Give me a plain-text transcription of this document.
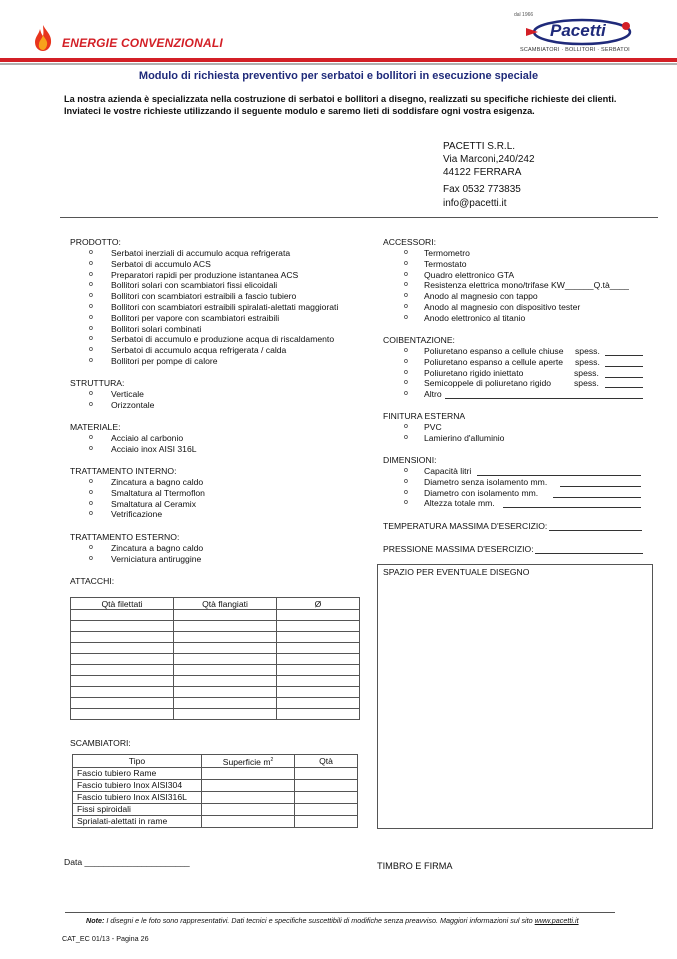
ENERGIE CONVENZIONALI
dal 1966
Pacetti
SCAMBIATORI · BOLLITORI · SERBATOI
Modulo di richiesta preventivo per serbatoi e bollitori in esecuzione speciale
La nostra azienda è specializzata nella costruzione di serbatoi e bollitori a disegno, realizzati su specifiche richieste dei clienti. Inviateci le vostre richieste utilizzando il seguente modulo e saremo lieti di soddisfare ogni vostra esigenza.
PACETTI S.R.L.
Via Marconi,240/242
44122 FERRARA
Fax 0532 773835
info@pacetti.it
PRODOTTO:
o Serbatoi inerziali di accumulo acqua refrigerata
o Serbatoi di accumulo ACS
o Preparatori rapidi per produzione istantanea ACS
o Bollitori solari con scambiatori fissi elicoidali
o Bollitori con scambiatori estraibili a fascio tubiero
o Bollitori con scambiatori estraibili spiralati-alettati maggiorati
o Bollitori per vapore con scambiatori estraibili
o Bollitori solari combinati
o Serbatoi di accumulo e produzione acqua di riscaldamento
o Serbatoi di accumulo acqua refrigerata / calda
o Bollitori per pompe di calore
STRUTTURA:
o Verticale
o Orizzontale
MATERIALE:
o Acciaio al carbonio
o Acciaio inox AISI 316L
TRATTAMENTO INTERNO:
o Zincatura a bagno caldo
o Smaltatura al Ttermoflon
o Smaltatura al Ceramix
o Vetrificazione
TRATTAMENTO ESTERNO:
o Zincatura a bagno caldo
o Verniciatura antiruggine
ATTACCHI:
SCAMBIATORI:
Qtà filettati	Qtà flangiati	Ø

Tipo	Superficie $m^2$	Qtà
Fascio tubiero Rame		
Fascio tubiero Inox AISI304		
Fascio tubiero Inox AISI316L		
Fissi spiroidali		
Sprialati-alettati in rame		
Data ______________________
ACCESSORI:
o Termometro
o Termostato
o Quadro elettronico GTA
o Resistenza elettrica mono/trifase KW______Q.tà____
o Anodo al magnesio con tappo
o Anodo al magnesio con dispositivo tester
o Anodo elettronico al titanio
COIBENTAZIONE:
o Poliuretano espanso a cellule chiuse spess.
o Poliuretano espanso a cellule aperte spess.
o Poliuretano rigido iniettato	spess.
o Semicoppele di poliuretano rigido	spess.
o Altro
FINITURA ESTERNA
o PVC
o Lamierino d'alluminio
DIMENSIONI:
o Capacità litri
o Diametro senza isolamento mm.
o Diametro con isolamento mm.
o Altezza totale mm.
TEMPERATURA MASSIMA D'ESERCIZIO:
PRESSIONE MASSIMA D'ESERCIZIO:
SPAZIO PER EVENTUALE DISEGNO
TIMBRO E FIRMA
Note: I disegni e le foto sono rappresentativi. Dati tecnici e specifiche suscettibili di modifiche senza preavviso. Maggiori informazioni sul sito www.pacetti.it
CAT_EC 01/13 - Pagina 26
